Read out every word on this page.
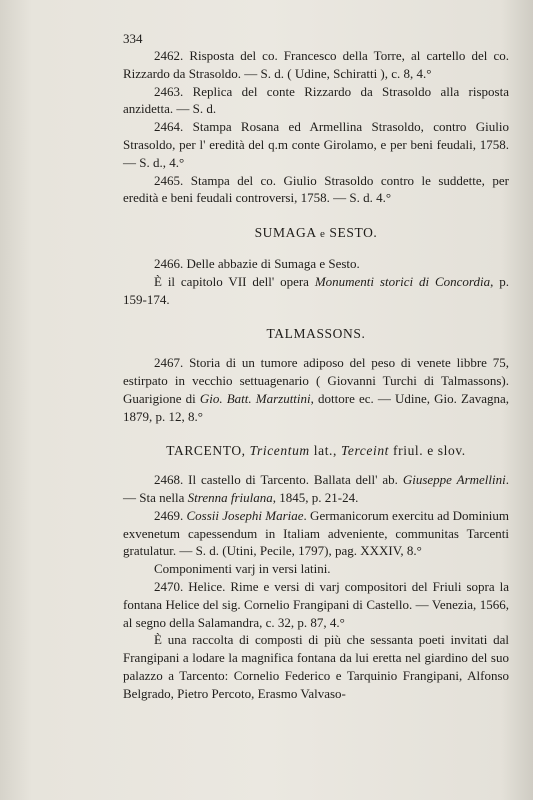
334

2462. Risposta del co. Francesco della Torre, al cartello del co. Rizzardo da Strasoldo. — S. d. ( Udine, Schiratti ), c. 8, 4.°

2463. Replica del conte Rizzardo da Strasoldo alla risposta anzidetta. — S. d.

2464. Stampa Rosana ed Armellina Strasoldo, contro Giulio Strasoldo, per l' eredità del q.m conte Girolamo, e per beni feudali, 1758. — S. d., 4.°

2465. Stampa del co. Giulio Strasoldo contro le suddette, per eredità e beni feudali controversi, 1758. — S. d. 4.°

SUMAGA e SESTO.

2466. Delle abbazie di Sumaga e Sesto.

È il capitolo VII dell' opera Monumenti storici di Concordia, p. 159-174.

TALMASSONS.

2467. Storia di un tumore adiposo del peso di venete libbre 75, estirpato in vecchio settuagenario ( Giovanni Turchi di Talmassons). Guarigione di Gio. Batt. Marzuttini, dottore ec. — Udine, Gio. Zavagna, 1879, p. 12, 8.°

TARCENTO, Tricentum lat., Terceint friul. e slov.

2468. Il castello di Tarcento. Ballata dell' ab. Giuseppe Armellini. — Sta nella Strenna friulana, 1845, p. 21-24.

2469. Cossii Josephi Mariae. Germanicorum exercitu ad Dominium exvenetum capessendum in Italiam adveniente, communitas Tarcenti gratulatur. — S. d. (Utini, Pecile, 1797), pag. XXXIV, 8.°

Componimenti varj in versi latini.

2470. Helice. Rime e versi di varj compositori del Friuli sopra la fontana Helice del sig. Cornelio Frangipani di Castello. — Venezia, 1566, al segno della Salamandra, c. 32, p. 87, 4.°

È una raccolta di composti di più che sessanta poeti invitati dal Frangipani a lodare la magnifica fontana da lui eretta nel giardino del suo palazzo a Tarcento: Cornelio Federico e Tarquinio Frangipani, Alfonso Belgrado, Pietro Percoto, Erasmo Valvaso-
